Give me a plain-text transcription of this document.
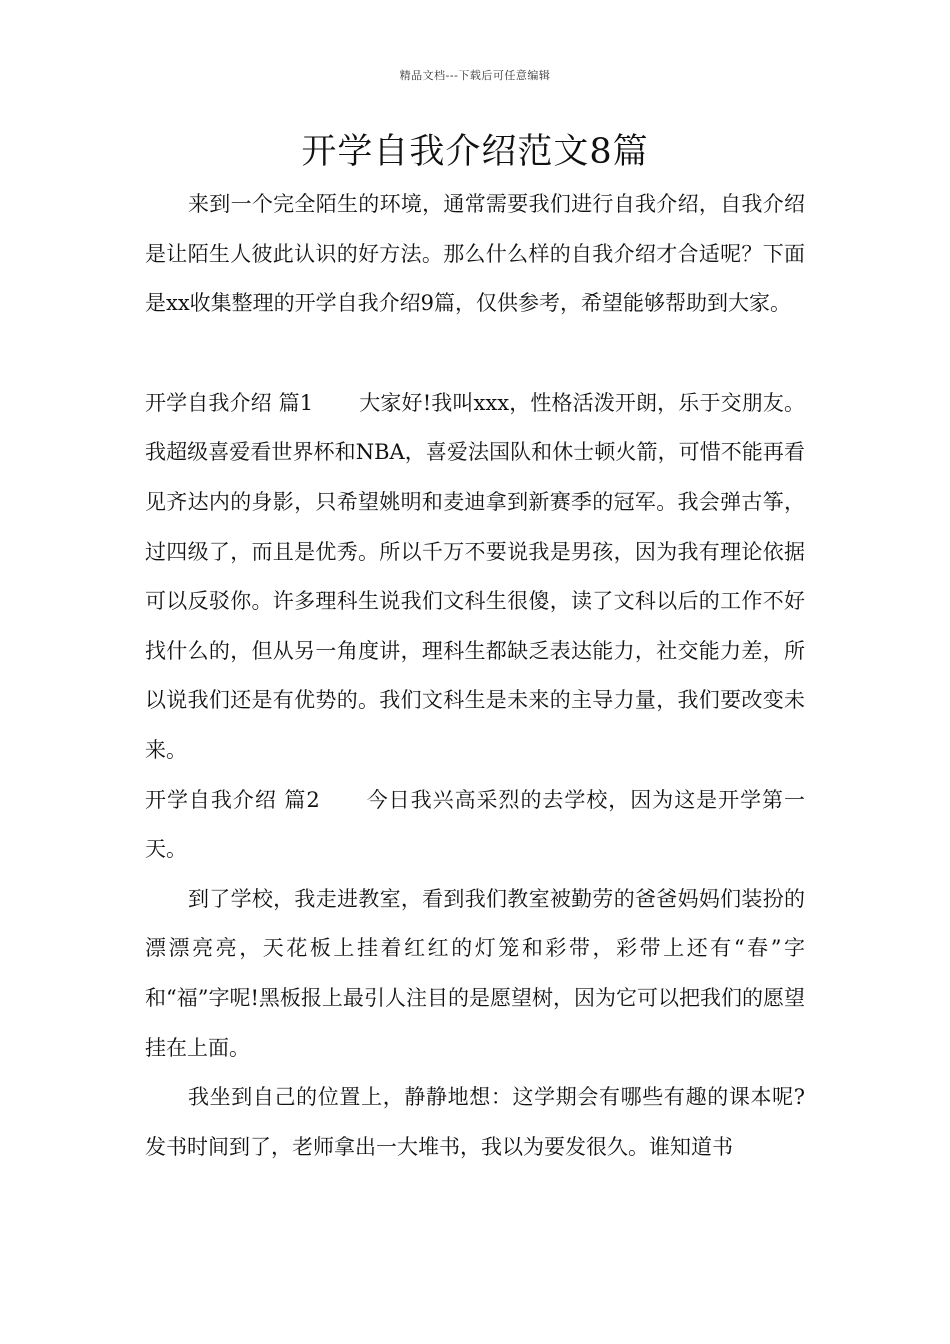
精品文档---下载后可任意编辑
开学自我介绍范文8篇

来到一个完全陌生的环境，通常需要我们进行自我介绍，自我介绍是让陌生人彼此认识的好方法。那么什么样的自我介绍才合适呢？下面是xx收集整理的开学自我介绍9篇，仅供参考，希望能够帮助到大家。

开学自我介绍 篇1 大家好!我叫xxx，性格活泼开朗，乐于交朋友。我超级喜爱看世界杯和NBA，喜爱法国队和休士顿火箭，可惜不能再看见齐达内的身影，只希望姚明和麦迪拿到新赛季的冠军。我会弹古筝，过四级了，而且是优秀。所以千万不要说我是男孩，因为我有理论依据可以反驳你。许多理科生说我们文科生很傻，读了文科以后的工作不好找什么的，但从另一角度讲，理科生都缺乏表达能力，社交能力差，所以说我们还是有优势的。我们文科生是未来的主导力量，我们要改变未来。

开学自我介绍 篇2 今日我兴高采烈的去学校，因为这是开学第一天。

到了学校，我走进教室，看到我们教室被勤劳的爸爸妈妈们装扮的漂漂亮亮，天花板上挂着红红的灯笼和彩带，彩带上还有“春”字和“福”字呢!黑板报上最引人注目的是愿望树，因为它可以把我们的愿望挂在上面。

我坐到自己的位置上，静静地想：这学期会有哪些有趣的课本呢?发书时间到了，老师拿出一大堆书，我以为要发很久。谁知道书
